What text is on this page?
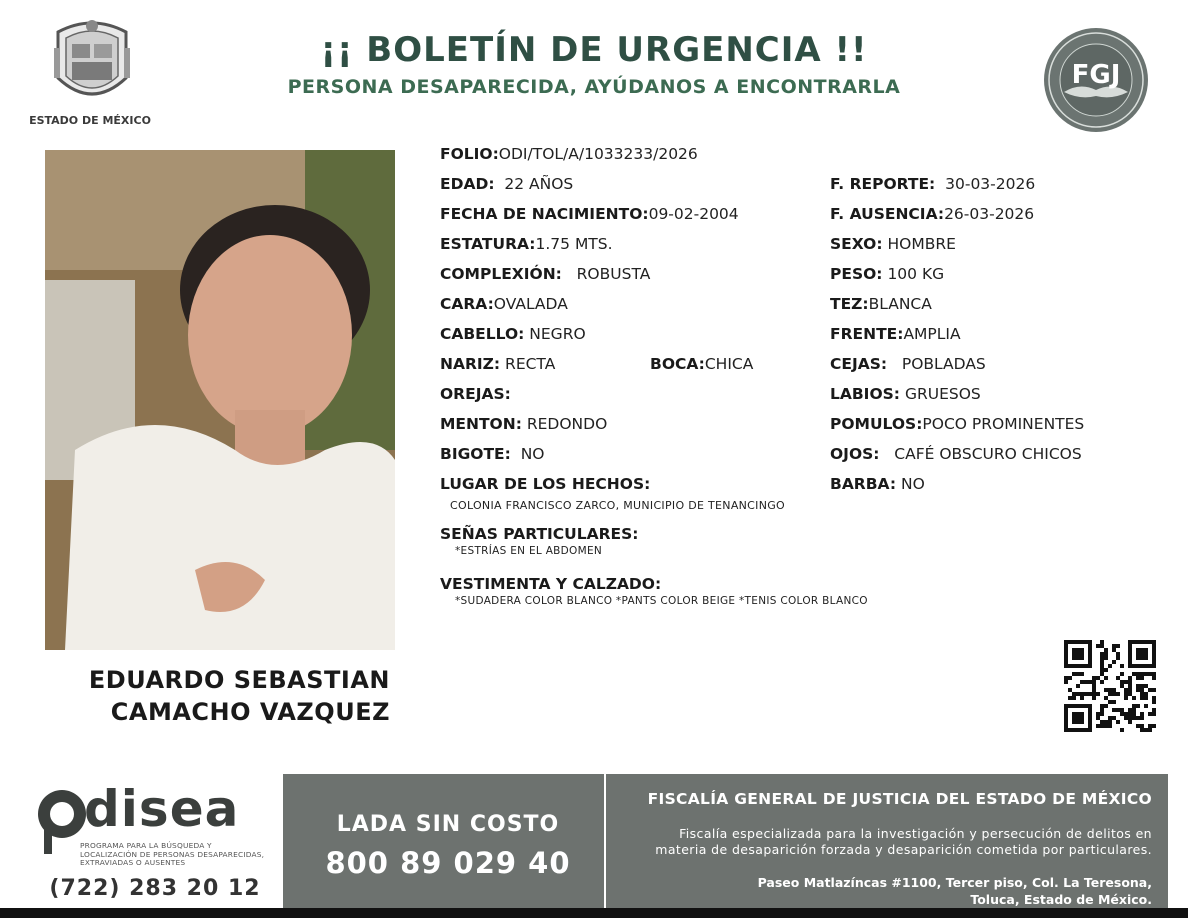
ESTADO DE MÉXICO
¡¡ BOLETÍN DE URGENCIA !!
PERSONA DESAPARECIDA, AYÚDANOS A ENCONTRARLA	FGJ
EDUARDO SEBASTIAN
CAMACHO VAZQUEZ
FOLIO:ODI/TOL/A/1033233/2026
EDAD: 22 AÑOS
FECHA DE NACIMIENTO:09-02-2004
ESTATURA:1.75 MTS.
COMPLEXIÓN: ROBUSTA
CARA:OVALADA
CABELLO: NEGRO
NARIZ: RECTA	BOCA:CHICA
OREJAS:
MENTON: REDONDO
BIGOTE: NO
LUGAR DE LOS HECHOS:
COLONIA FRANCISCO ZARCO, MUNICIPIO DE TENANCINGO
SEÑAS PARTICULARES:
*ESTRÍAS EN EL ABDOMEN
VESTIMENTA Y CALZADO:
*SUDADERA COLOR BLANCO *PANTS COLOR BEIGE *TENIS COLOR BLANCO
F. REPORTE: 30-03-2026
F. AUSENCIA:26-03-2026
SEXO: HOMBRE
PESO: 100 KG
TEZ:BLANCA
FRENTE:AMPLIA
CEJAS: POBLADAS
LABIOS: GRUESOS
POMULOS:POCO PROMINENTES
OJOS: CAFÉ OBSCURO CHICOS
BARBA: NO
disea
PROGRAMA PARA LA BÚSQUEDA Y LOCALIZACIÓN DE PERSONAS DESAPARECIDAS, EXTRAVIADAS O AUSENTES
(722) 283 20 12
LADA SIN COSTO
800 89 029 40
FISCALÍA GENERAL DE JUSTICIA DEL ESTADO DE MÉXICO
Fiscalía especializada para la investigación y persecución de delitos en
materia de desaparición forzada y desaparición cometida por particulares.
Paseo Matlazíncas #1100, Tercer piso, Col. La Teresona,
Toluca, Estado de México.
